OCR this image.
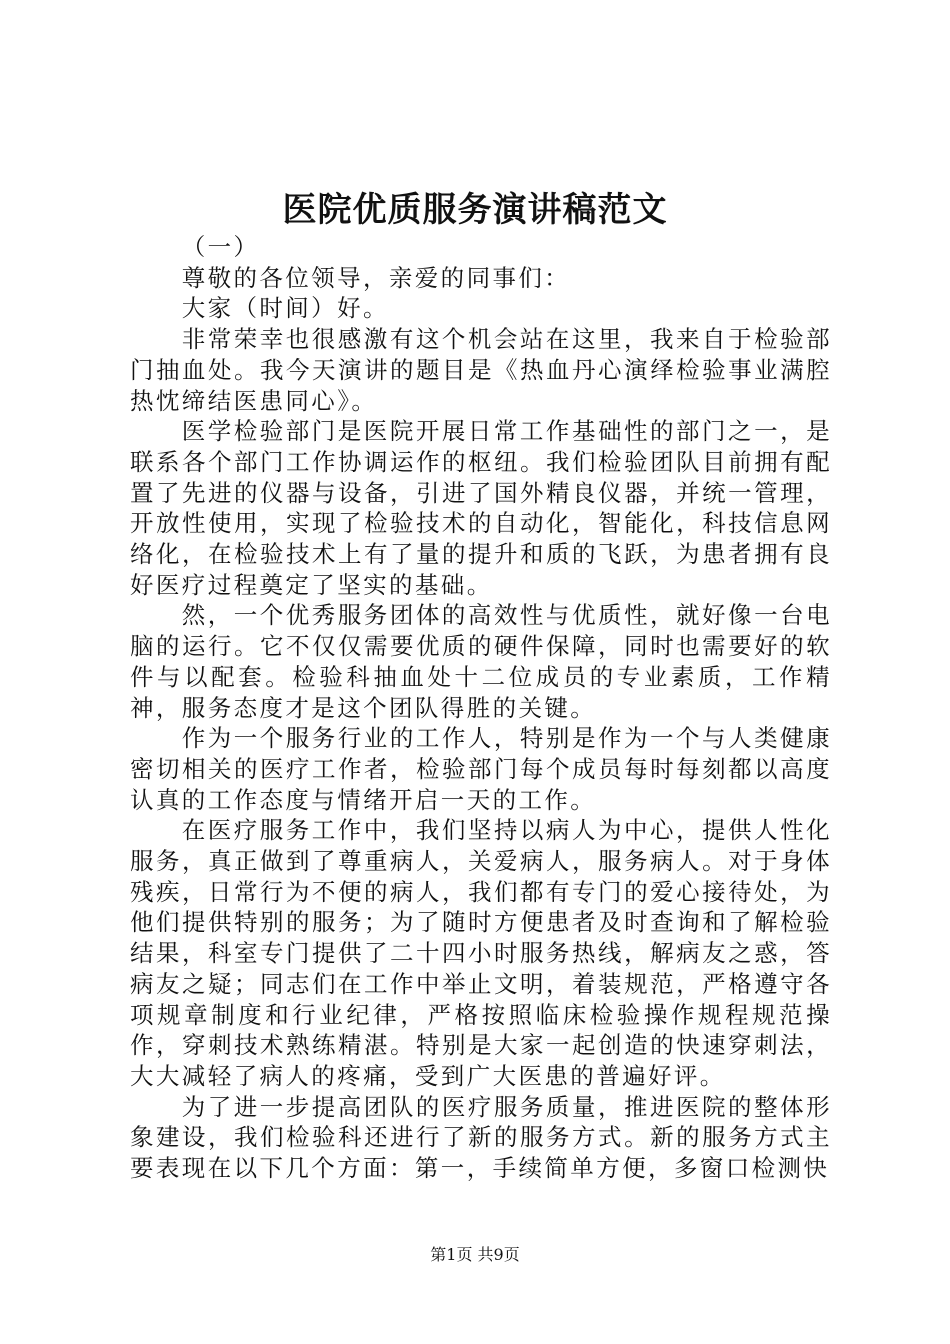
医院优质服务演讲稿范文

（一）

尊敬的各位领导，亲爱的同事们：

大家（时间）好。

非常荣幸也很感激有这个机会站在这里，我来自于检验部门抽血处。我今天演讲的题目是《热血丹心演绎检验事业满腔热忱缔结医患同心》。

医学检验部门是医院开展日常工作基础性的部门之一，是联系各个部门工作协调运作的枢纽。我们检验团队目前拥有配置了先进的仪器与设备，引进了国外精良仪器，并统一管理，开放性使用，实现了检验技术的自动化，智能化，科技信息网络化，在检验技术上有了量的提升和质的飞跃，为患者拥有良好医疗过程奠定了坚实的基础。

然，一个优秀服务团体的高效性与优质性，就好像一台电脑的运行。它不仅仅需要优质的硬件保障，同时也需要好的软件与以配套。检验科抽血处十二位成员的专业素质，工作精神，服务态度才是这个团队得胜的关键。

作为一个服务行业的工作人，特别是作为一个与人类健康密切相关的医疗工作者，检验部门每个成员每时每刻都以高度认真的工作态度与情绪开启一天的工作。

在医疗服务工作中，我们坚持以病人为中心，提供人性化服务，真正做到了尊重病人，关爱病人，服务病人。对于身体残疾，日常行为不便的病人，我们都有专门的爱心接待处，为他们提供特别的服务；为了随时方便患者及时查询和了解检验结果，科室专门提供了二十四小时服务热线，解病友之惑，答病友之疑；同志们在工作中举止文明，着装规范，严格遵守各项规章制度和行业纪律，严格按照临床检验操作规程规范操作，穿刺技术熟练精湛。特别是大家一起创造的快速穿刺法，大大减轻了病人的疼痛，受到广大医患的普遍好评。

为了进一步提高团队的医疗服务质量，推进医院的整体形象建设，我们检验科还进行了新的服务方式。新的服务方式主要表现在以下几个方面：第一，手续简单方便，多窗口检测快

第1页 共9页
